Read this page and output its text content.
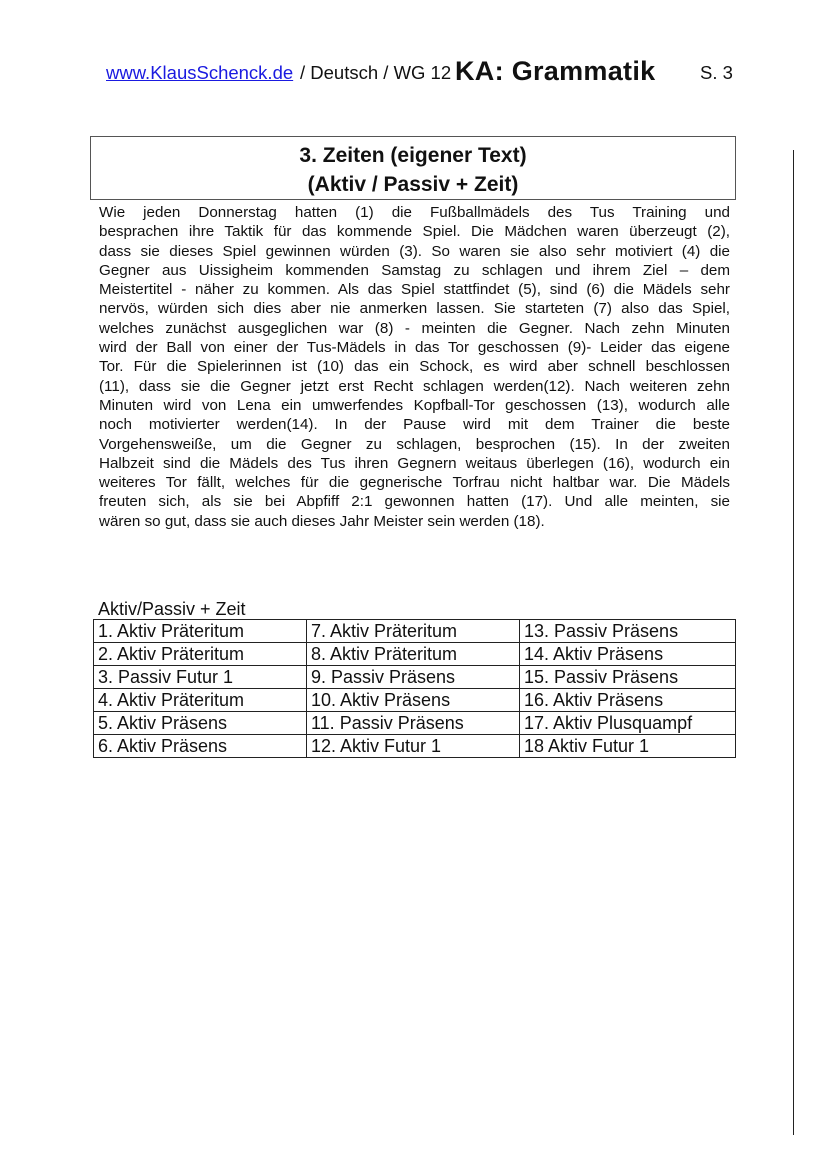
www.KlausSchenck.de / Deutsch / WG 12 KA: Grammatik S. 3
3. Zeiten (eigener Text)
(Aktiv / Passiv + Zeit)
Wie jeden Donnerstag hatten (1) die Fußballmädels des Tus Training und
besprachen ihre Taktik für das kommende Spiel. Die Mädchen waren überzeugt (2),
dass sie dieses Spiel gewinnen würden (3). So waren sie also sehr motiviert (4) die
Gegner aus Uissigheim kommenden Samstag zu schlagen und ihrem Ziel – dem
Meistertitel - näher zu kommen. Als das Spiel stattfindet (5), sind (6) die Mädels sehr
nervös, würden sich dies aber nie anmerken lassen. Sie starteten (7) also das Spiel,
welches zunächst ausgeglichen war (8) - meinten die Gegner. Nach zehn Minuten
wird der Ball von einer der Tus-Mädels in das Tor geschossen (9)- Leider das eigene
Tor. Für die Spielerinnen ist (10) das ein Schock, es wird aber schnell beschlossen
(11), dass sie die Gegner jetzt erst Recht schlagen werden(12). Nach weiteren zehn
Minuten wird von Lena ein umwerfendes Kopfball-Tor geschossen (13), wodurch alle
noch motivierter werden(14). In der Pause wird mit dem Trainer die beste
Vorgehensweiße, um die Gegner zu schlagen, besprochen (15). In der zweiten
Halbzeit sind die Mädels des Tus ihren Gegnern weitaus überlegen (16), wodurch ein
weiteres Tor fällt, welches für die gegnerische Torfrau nicht haltbar war. Die Mädels
freuten sich, als sie bei Abpfiff 2:1 gewonnen hatten (17). Und alle meinten, sie
wären so gut, dass sie auch dieses Jahr Meister sein werden (18).
Aktiv/Passiv + Zeit
1. Aktiv Präteritum	7. Aktiv Präteritum	13. Passiv Präsens
2. Aktiv Präteritum	8. Aktiv Präteritum	14. Aktiv Präsens
3. Passiv Futur 1	9. Passiv Präsens	15. Passiv Präsens
4. Aktiv Präteritum	10. Aktiv Präsens	16. Aktiv Präsens
5. Aktiv Präsens	11. Passiv Präsens	17. Aktiv Plusquampf
6. Aktiv Präsens	12. Aktiv Futur 1	18 Aktiv Futur 1
